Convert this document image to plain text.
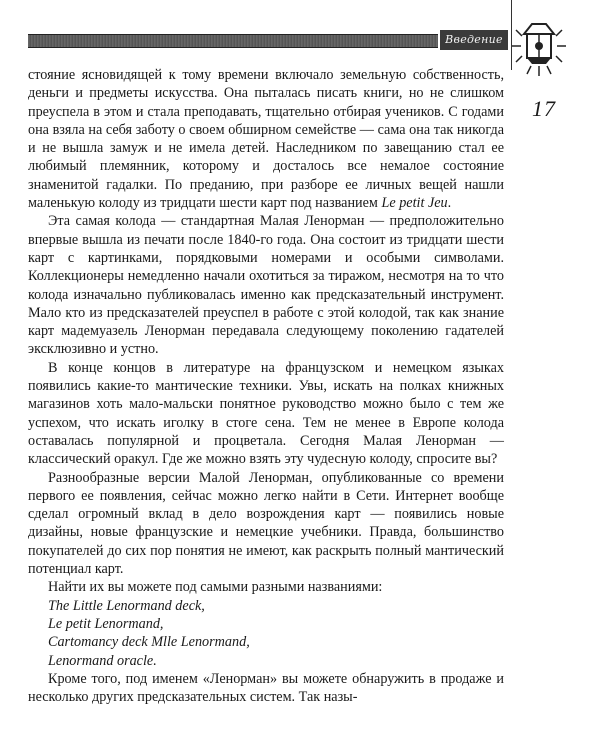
Введение
17

стояние ясновидящей к тому времени включало земельную собственность, деньги и предметы искусства. Она пыталась писать книги, но не слишком преуспела в этом и стала преподавать, тщательно отбирая учеников. С годами она взяла на себя заботу о своем обширном семействе — сама она так никогда и не вышла замуж и не имела детей. Наследником по завещанию стал ее любимый племянник, которому и досталось все немалое состояние знаменитой гадалки. По преданию, при разборе ее личных вещей нашли маленькую колоду из тридцати шести карт под названием Le petit Jeu.

Эта самая колода — стандартная Малая Ленорман — предположительно впервые вышла из печати после 1840-го года. Она состоит из тридцати шести карт с картинками, порядковыми номерами и особыми символами. Коллекционеры немедленно начали охотиться за тиражом, несмотря на то что колода изначально публиковалась именно как предсказательный инструмент. Мало кто из предсказателей преуспел в работе с этой колодой, так как знание карт мадемуазель Ленорман передавала следующему поколению гадателей эксклюзивно и устно.

В конце концов в литературе на французском и немецком языках появились какие-то мантические техники. Увы, искать на полках книжных магазинов хоть мало-мальски понятное руководство можно было с тем же успехом, что искать иголку в стоге сена. Тем не менее в Европе колода оставалась популярной и процветала. Сегодня Малая Ленорман — классический оракул. Где же можно взять эту чудесную колоду, спросите вы?

Разнообразные версии Малой Ленорман, опубликованные со времени первого ее появления, сейчас можно легко найти в Сети. Интернет вообще сделал огромный вклад в дело возрождения карт — появились новые дизайны, новые французские и немецкие учебники. Правда, большинство покупателей до сих пор понятия не имеют, как раскрыть полный мантический потенциал карт.

Найти их вы можете под самыми разными названиями:

The Little Lenormand deck,
Le petit Lenormand,
Cartomancy deck Mlle Lenormand,
Lenormand oracle.

Кроме того, под именем «Ленорман» вы можете обнаружить в продаже и несколько других предсказательных систем. Так назы-
